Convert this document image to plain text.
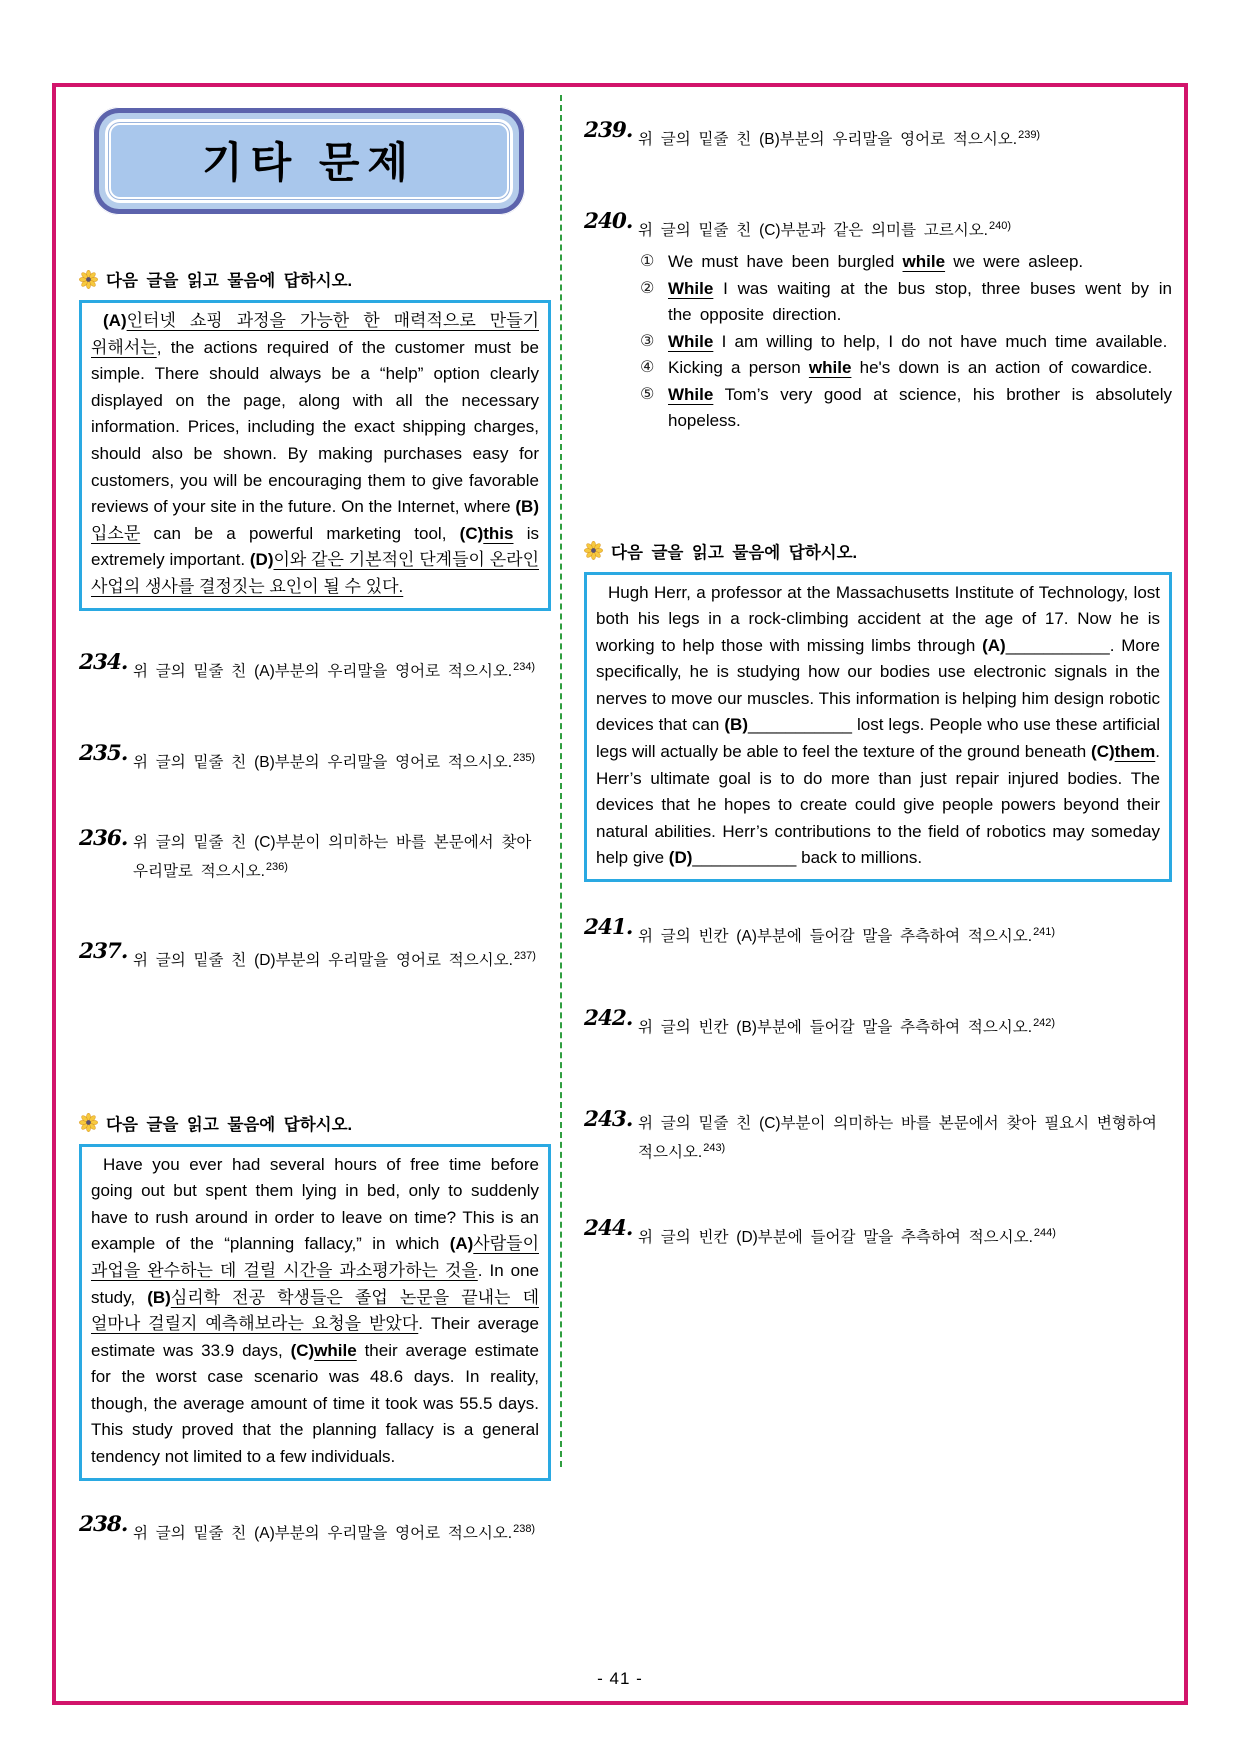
기타 문제
다음 글을 읽고 물음에 답하시오.
(A)인터넷 쇼핑 과정을 가능한 한 매력적으로 만들기 위해서는, the actions required of the customer must be simple. There should always be a “help” option clearly displayed on the page, along with all the necessary information. Prices, including the exact shipping charges, should also be shown. By making purchases easy for customers, you will be encouraging them to give favorable reviews of your site in the future. On the Internet, where (B)입소문 can be a powerful marketing tool, (C)this is extremely important. (D)이와 같은 기본적인 단계들이 온라인 사업의 생사를 결정짓는 요인이 될 수 있다.
234. 위 글의 밑줄 친 (A)부분의 우리말을 영어로 적으시오.$^{234)}$
235. 위 글의 밑줄 친 (B)부분의 우리말을 영어로 적으시오.$^{235)}$
236. 위 글의 밑줄 친 (C)부분이 의미하는 바를 본문에서 찾아 우리말로 적으시오.$^{236)}$
237. 위 글의 밑줄 친 (D)부분의 우리말을 영어로 적으시오.$^{237)}$
다음 글을 읽고 물음에 답하시오.
Have you ever had several hours of free time before going out but spent them lying in bed, only to suddenly have to rush around in order to leave on time? This is an example of the “planning fallacy,” in which (A)사람들이 과업을 완수하는 데 걸릴 시간을 과소평가하는 것을. In one study, (B)심리학 전공 학생들은 졸업 논문을 끝내는 데 얼마나 걸릴지 예측해보라는 요청을 받았다. Their average estimate was 33.9 days, (C)while their average estimate for the worst case scenario was 48.6 days. In reality, though, the average amount of time it took was 55.5 days. This study proved that the planning fallacy is a general tendency not limited to a few individuals.
238. 위 글의 밑줄 친 (A)부분의 우리말을 영어로 적으시오.$^{238)}$
239. 위 글의 밑줄 친 (B)부분의 우리말을 영어로 적으시오.$^{239)}$
240. 위 글의 밑줄 친 (C)부분과 같은 의미를 고르시오.$^{240)}$
① We must have been burgled while we were asleep.
② While I was waiting at the bus stop, three buses went by in the opposite direction.
③ While I am willing to help, I do not have much time available.
④ Kicking a person while he's down is an action of cowardice.
⑤ While Tom’s very good at science, his brother is absolutely hopeless.
다음 글을 읽고 물음에 답하시오.
Hugh Herr, a professor at the Massachusetts Institute of Technology, lost both his legs in a rock-climbing accident at the age of 17. Now he is working to help those with missing limbs through (A)___________. More specifically, he is studying how our bodies use electronic signals in the nerves to move our muscles. This information is helping him design robotic devices that can (B)___________ lost legs. People who use these artificial legs will actually be able to feel the texture of the ground beneath (C)them. Herr’s ultimate goal is to do more than just repair injured bodies. The devices that he hopes to create could give people powers beyond their natural abilities. Herr’s contributions to the field of robotics may someday help give (D)___________ back to millions.
241. 위 글의 빈칸 (A)부분에 들어갈 말을 추측하여 적으시오.$^{241)}$
242. 위 글의 빈칸 (B)부분에 들어갈 말을 추측하여 적으시오.$^{242)}$
243. 위 글의 밑줄 친 (C)부분이 의미하는 바를 본문에서 찾아 필요시 변형하여 적으시오.$^{243)}$
244. 위 글의 빈칸 (D)부분에 들어갈 말을 추측하여 적으시오.$^{244)}$
- 41 -
